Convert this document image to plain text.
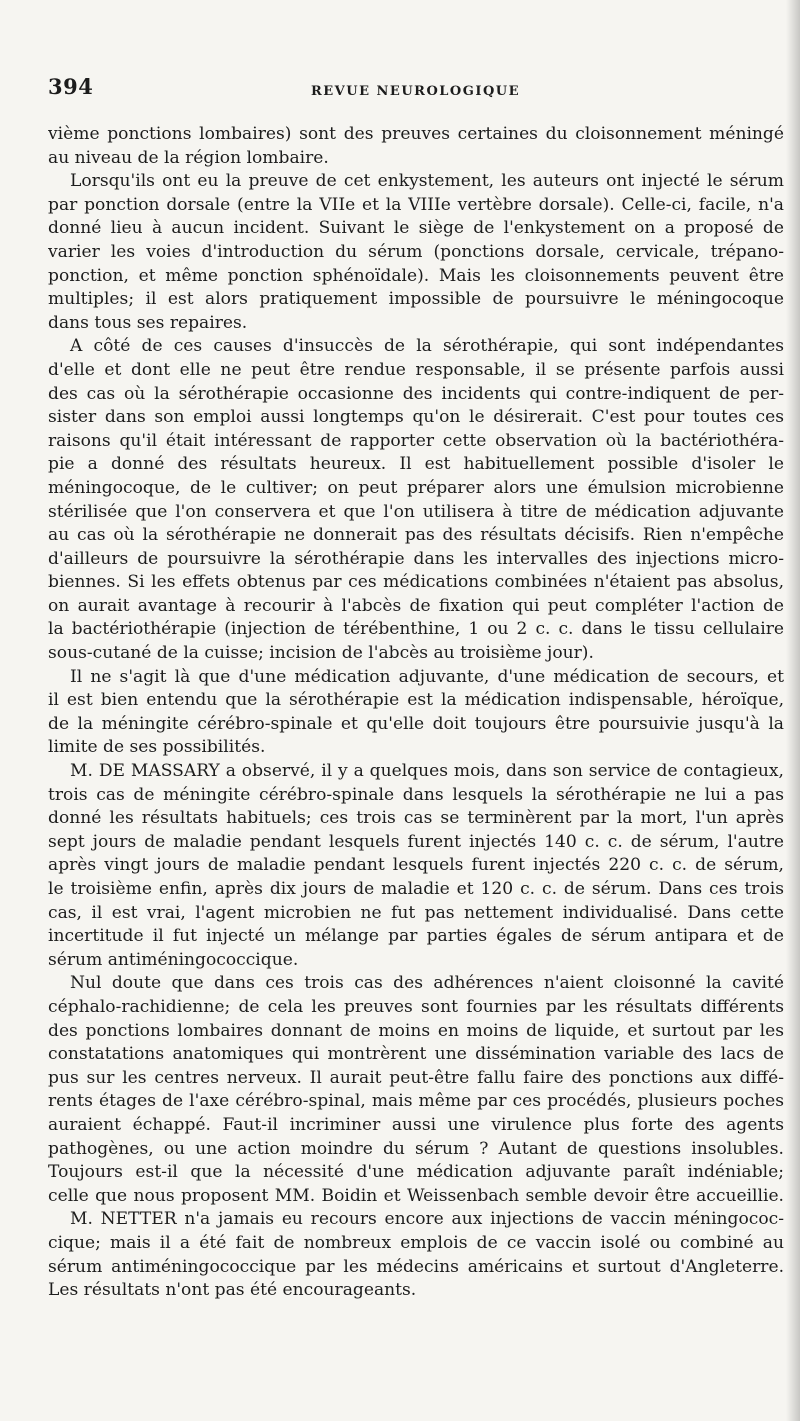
394	REVUE NEUROLOGIQUE
vième ponctions lombaires) sont des preuves certaines du cloisonnement méningé
au niveau de la région lombaire.
Lorsqu'ils ont eu la preuve de cet enkystement, les auteurs ont injecté le sérum
par ponction dorsale (entre la VIIe et la VIIIe vertèbre dorsale). Celle-ci, facile, n'a
donné lieu à aucun incident. Suivant le siège de l'enkystement on a proposé de
varier les voies d'introduction du sérum (ponctions dorsale, cervicale, trépano-
ponction, et même ponction sphénoïdale). Mais les cloisonnements peuvent être
multiples; il est alors pratiquement impossible de poursuivre le méningocoque
dans tous ses repaires.
A côté de ces causes d'insuccès de la sérothérapie, qui sont indépendantes
d'elle et dont elle ne peut être rendue responsable, il se présente parfois aussi
des cas où la sérothérapie occasionne des incidents qui contre-indiquent de per-
sister dans son emploi aussi longtemps qu'on le désirerait. C'est pour toutes ces
raisons qu'il était intéressant de rapporter cette observation où la bactériothéra-
pie a donné des résultats heureux. Il est habituellement possible d'isoler le
méningocoque, de le cultiver; on peut préparer alors une émulsion microbienne
stérilisée que l'on conservera et que l'on utilisera à titre de médication adjuvante
au cas où la sérothérapie ne donnerait pas des résultats décisifs. Rien n'empêche
d'ailleurs de poursuivre la sérothérapie dans les intervalles des injections micro-
biennes. Si les effets obtenus par ces médications combinées n'étaient pas absolus,
on aurait avantage à recourir à l'abcès de fixation qui peut compléter l'action de
la bactériothérapie (injection de térébenthine, 1 ou 2 c. c. dans le tissu cellulaire
sous-cutané de la cuisse; incision de l'abcès au troisième jour).
Il ne s'agit là que d'une médication adjuvante, d'une médication de secours, et
il est bien entendu que la sérothérapie est la médication indispensable, héroïque,
de la méningite cérébro-spinale et qu'elle doit toujours être poursuivie jusqu'à la
limite de ses possibilités.
M. DE MASSARY a observé, il y a quelques mois, dans son service de contagieux,
trois cas de méningite cérébro-spinale dans lesquels la sérothérapie ne lui a pas
donné les résultats habituels; ces trois cas se terminèrent par la mort, l'un après
sept jours de maladie pendant lesquels furent injectés 140 c. c. de sérum, l'autre
après vingt jours de maladie pendant lesquels furent injectés 220 c. c. de sérum,
le troisième enfin, après dix jours de maladie et 120 c. c. de sérum. Dans ces trois
cas, il est vrai, l'agent microbien ne fut pas nettement individualisé. Dans cette
incertitude il fut injecté un mélange par parties égales de sérum antipara et de
sérum antiméningococcique.
Nul doute que dans ces trois cas des adhérences n'aient cloisonné la cavité
céphalo-rachidienne; de cela les preuves sont fournies par les résultats différents
des ponctions lombaires donnant de moins en moins de liquide, et surtout par les
constatations anatomiques qui montrèrent une dissémination variable des lacs de
pus sur les centres nerveux. Il aurait peut-être fallu faire des ponctions aux diffé-
rents étages de l'axe cérébro-spinal, mais même par ces procédés, plusieurs poches
auraient échappé. Faut-il incriminer aussi une virulence plus forte des agents
pathogènes, ou une action moindre du sérum ? Autant de questions insolubles.
Toujours est-il que la nécessité d'une médication adjuvante paraît indéniable;
celle que nous proposent MM. Boidin et Weissenbach semble devoir être accueillie.
M. NETTER n'a jamais eu recours encore aux injections de vaccin méningococ-
cique; mais il a été fait de nombreux emplois de ce vaccin isolé ou combiné au
sérum antiméningococcique par les médecins américains et surtout d'Angleterre.
Les résultats n'ont pas été encourageants.
